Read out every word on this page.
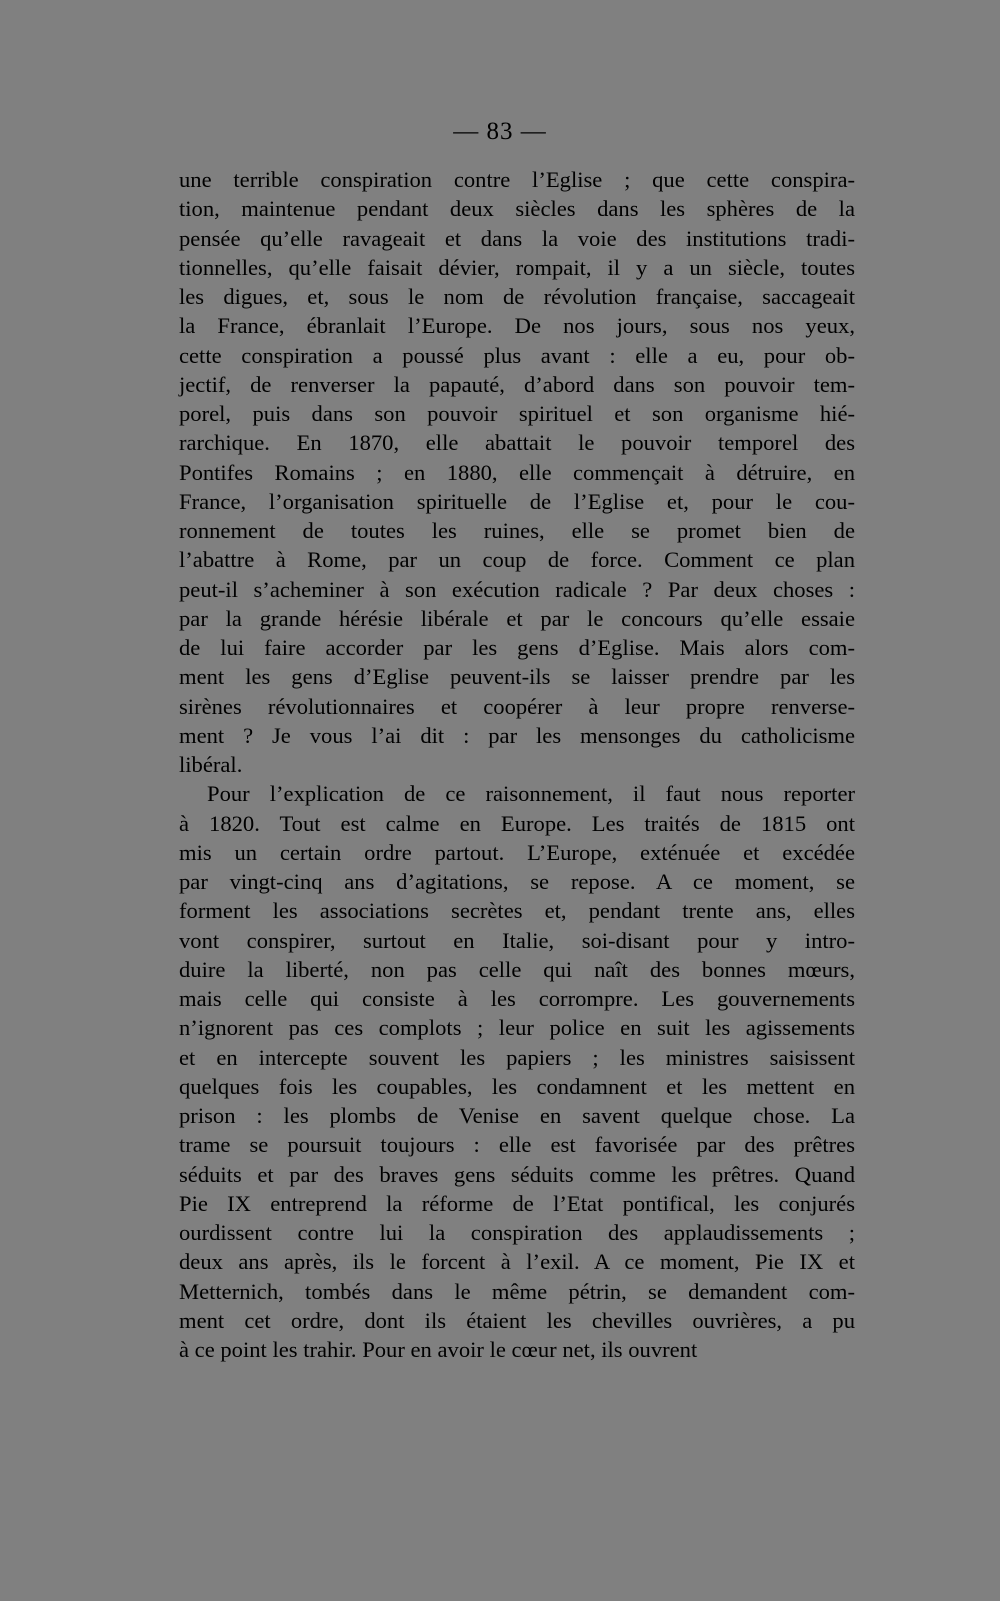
— 83 —
une terrible conspiration contre l’Eglise ; que cette conspira-
tion, maintenue pendant deux siècles dans les sphères de la
pensée qu’elle ravageait et dans la voie des institutions tradi-
tionnelles, qu’elle faisait dévier, rompait, il y a un siècle, toutes
les digues, et, sous le nom de révolution française, saccageait
la France, ébranlait l’Europe. De nos jours, sous nos yeux,
cette conspiration a poussé plus avant : elle a eu, pour ob-
jectif, de renverser la papauté, d’abord dans son pouvoir tem-
porel, puis dans son pouvoir spirituel et son organisme hié-
rarchique. En 1870, elle abattait le pouvoir temporel des
Pontifes Romains ; en 1880, elle commençait à détruire, en
France, l’organisation spirituelle de l’Eglise et, pour le cou-
ronnement de toutes les ruines, elle se promet bien de
l’abattre à Rome, par un coup de force. Comment ce plan
peut-il s’acheminer à son exécution radicale ? Par deux choses :
par la grande hérésie libérale et par le concours qu’elle essaie
de lui faire accorder par les gens d’Eglise. Mais alors com-
ment les gens d’Eglise peuvent-ils se laisser prendre par les
sirènes révolutionnaires et coopérer à leur propre renverse-
ment ? Je vous l’ai dit : par les mensonges du catholicisme
libéral.
Pour l’explication de ce raisonnement, il faut nous reporter
à 1820. Tout est calme en Europe. Les traités de 1815 ont
mis un certain ordre partout. L’Europe, exténuée et excédée
par vingt-cinq ans d’agitations, se repose. A ce moment, se
forment les associations secrètes et, pendant trente ans, elles
vont conspirer, surtout en Italie, soi-disant pour y intro-
duire la liberté, non pas celle qui naît des bonnes mœurs,
mais celle qui consiste à les corrompre. Les gouvernements
n’ignorent pas ces complots ; leur police en suit les agissements
et en intercepte souvent les papiers ; les ministres saisissent
quelques fois les coupables, les condamnent et les mettent en
prison : les plombs de Venise en savent quelque chose. La
trame se poursuit toujours : elle est favorisée par des prêtres
séduits et par des braves gens séduits comme les prêtres. Quand
Pie IX entreprend la réforme de l’Etat pontifical, les conjurés
ourdissent contre lui la conspiration des applaudissements ;
deux ans après, ils le forcent à l’exil. A ce moment, Pie IX et
Metternich, tombés dans le même pétrin, se demandent com-
ment cet ordre, dont ils étaient les chevilles ouvrières, a pu
à ce point les trahir. Pour en avoir le cœur net, ils ouvrent
